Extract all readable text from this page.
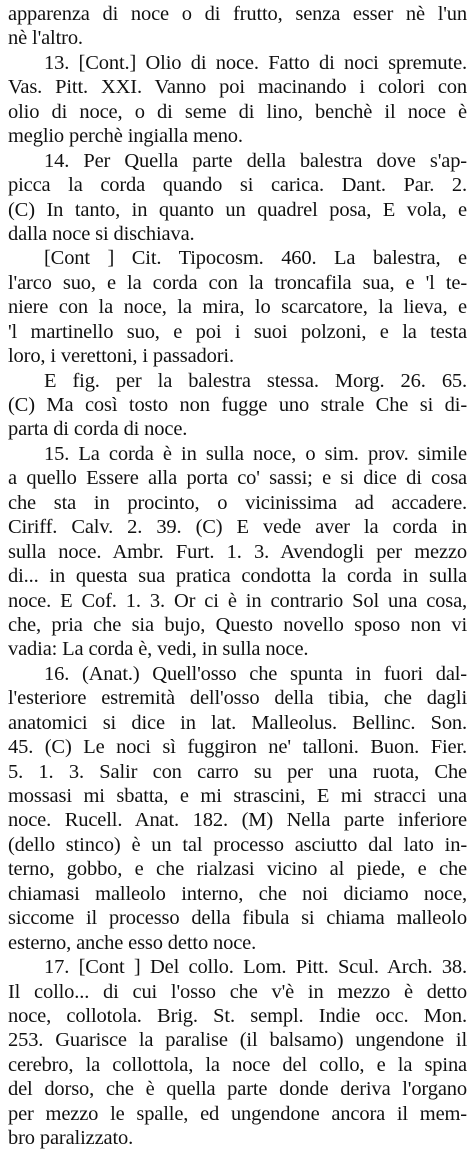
apparenza di noce o di frutto, senza esser nè l'un
nè l'altro.
13. [Cont.] Olio di noce. Fatto di noci spremute.
Vas. Pitt. XXI. Vanno poi macinando i colori con
olio di noce, o di seme di lino, benchè il noce è
meglio perchè ingialla meno.
14. Per Quella parte della balestra dove s'ap-
picca la corda quando si carica. Dant. Par. 2.
(C) In tanto, in quanto un quadrel posa, E vola, e
dalla noce si dischiava.
[Cont ] Cit. Tipocosm. 460. La balestra, e
l'arco suo, e la corda con la troncafila sua, e 'l te-
niere con la noce, la mira, lo scarcatore, la lieva, e
'l martinello suo, e poi i suoi polzoni, e la testa
loro, i verettoni, i passadori.
E fig. per la balestra stessa. Morg. 26. 65.
(C) Ma così tosto non fugge uno strale Che si di-
parta di corda di noce.
15. La corda è in sulla noce, o sim. prov. simile
a quello Essere alla porta co' sassi; e si dice di cosa
che sta in procinto, o vicinissima ad accadere.
Ciriff. Calv. 2. 39. (C) E vede aver la corda in
sulla noce. Ambr. Furt. 1. 3. Avendogli per mezzo
di... in questa sua pratica condotta la corda in sulla
noce. E Cof. 1. 3. Or ci è in contrario Sol una cosa,
che, pria che sia bujo, Questo novello sposo non vi
vadia: La corda è, vedi, in sulla noce.
16. (Anat.) Quell'osso che spunta in fuori dal-
l'esteriore estremità dell'osso della tibia, che dagli
anatomici si dice in lat. Malleolus. Bellinc. Son.
45. (C) Le noci sì fuggiron ne' talloni. Buon. Fier.
5. 1. 3. Salir con carro su per una ruota, Che
mossasi mi sbatta, e mi strascini, E mi stracci una
noce. Rucell. Anat. 182. (M) Nella parte inferiore
(dello stinco) è un tal processo asciutto dal lato in-
terno, gobbo, e che rialzasi vicino al piede, e che
chiamasi malleolo interno, che noi diciamo noce,
siccome il processo della fibula si chiama malleolo
esterno, anche esso detto noce.
17. [Cont ] Del collo. Lom. Pitt. Scul. Arch. 38.
Il collo... di cui l'osso che v'è in mezzo è detto
noce, collotola. Brig. St. sempl. Indie occ. Mon.
253. Guarisce la paralise (il balsamo) ungendone il
cerebro, la collottola, la noce del collo, e la spina
del dorso, che è quella parte donde deriva l'organo
per mezzo le spalle, ed ungendone ancora il mem-
bro paralizzato.
